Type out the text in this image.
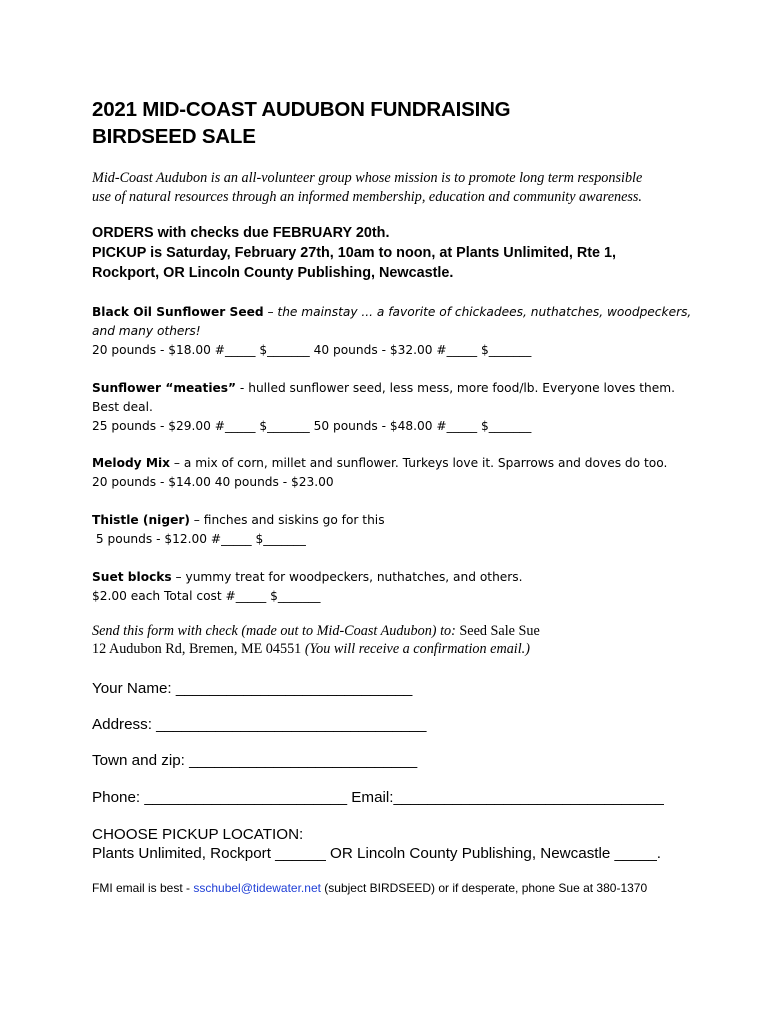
2021 MID-COAST AUDUBON FUNDRAISING
BIRDSEED SALE
Mid-Coast Audubon is an all-volunteer group whose mission is to promote long term responsible
use of natural resources through an informed membership, education and community awareness.
ORDERS with checks due FEBRUARY 20th.
PICKUP is Saturday, February 27th, 10am to noon, at Plants Unlimited, Rte 1,
Rockport, OR Lincoln County Publishing, Newcastle.
Black Oil Sunflower Seed – the mainstay ... a favorite of chickadees, nuthatches, woodpeckers,
and many others!
20 pounds - $18.00 #_____ $_______ 40 pounds - $32.00 #_____ $_______
Sunflower “meaties” - hulled sunflower seed, less mess, more food/lb. Everyone loves them.
Best deal.
25 pounds - $29.00 #_____ $_______ 50 pounds - $48.00 #_____ $_______
Melody Mix – a mix of corn, millet and sunflower. Turkeys love it. Sparrows and doves do too.
20 pounds - $14.00 40 pounds - $23.00
Thistle (niger) – finches and siskins go for this
5 pounds - $12.00 #_____ $_______
Suet blocks – yummy treat for woodpeckers, nuthatches, and others.
$2.00 each Total cost #_____ $_______
Send this form with check (made out to Mid-Coast Audubon) to: Seed Sale Sue
12 Audubon Rd, Bremen, ME 04551 (You will receive a confirmation email.)
Your Name: ____________________________
Address: ________________________________
Town and zip: ___________________________
Phone: ________________________ Email:________________________________
CHOOSE PICKUP LOCATION:
Plants Unlimited, Rockport ______ OR Lincoln County Publishing, Newcastle _____.
FMI email is best - sschubel@tidewater.net (subject BIRDSEED) or if desperate, phone Sue at 380-1370
